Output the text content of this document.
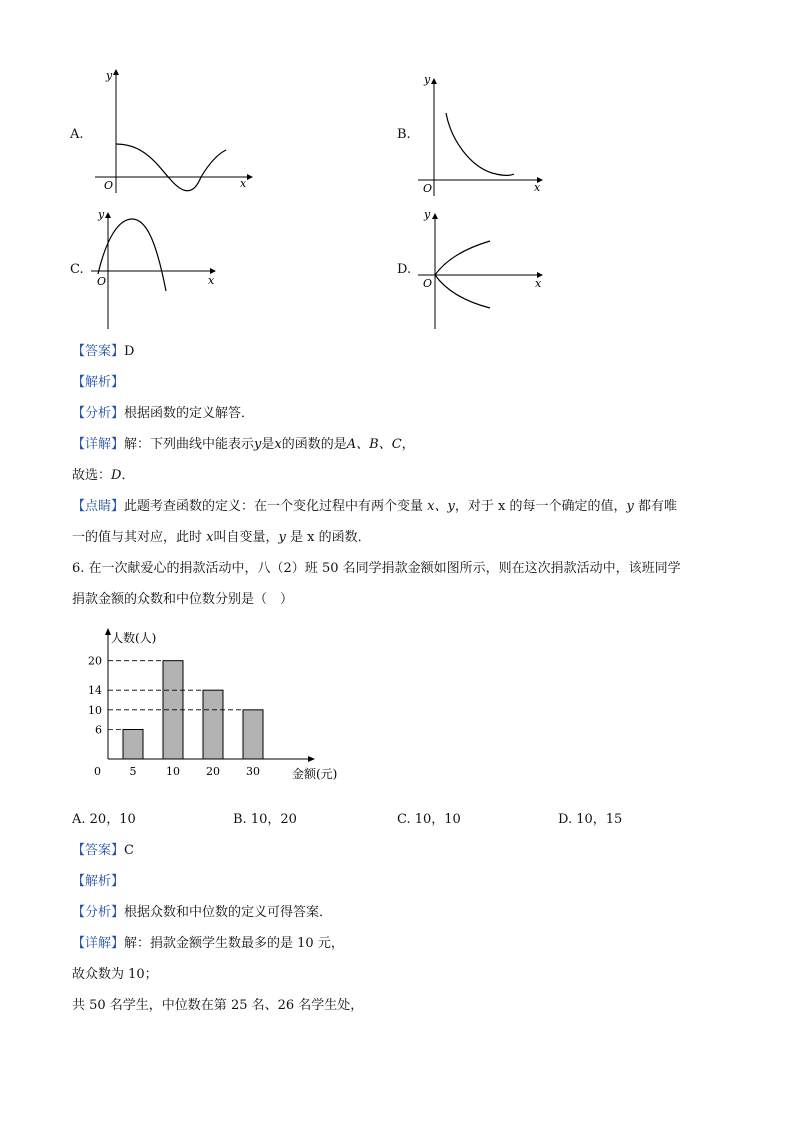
A.
y
x
O
B.
y
x
O
C.
y
x
O
D.
y
x
O
【答案】D
【解析】
【分析】根据函数的定义解答．
【详解】解：下列曲线中能表示y是x的函数的是A、B、C，
故选：D．
【点睛】此题考查函数的定义：在一个变化过程中有两个变量 x、y，对于 x 的每一个确定的值，y 都有唯
一的值与其对应，此时 x叫自变量，y 是 x 的函数．
6. 在一次献爱心的捐款活动中，八（2）班 50 名同学捐款金额如图所示，则在这次捐款活动中，该班同学
捐款金额的众数和中位数分别是（　）
人数(人)
金额(元)
0	5	10 20 30
6
10
14
20
A. 20，10	B. 10，20	C. 10，10	D. 10，15
【答案】C
【解析】
【分析】根据众数和中位数的定义可得答案．
【详解】解：捐款金额学生数最多的是 10 元，
故众数为 10；
共 50 名学生，中位数在第 25 名、26 名学生处，
